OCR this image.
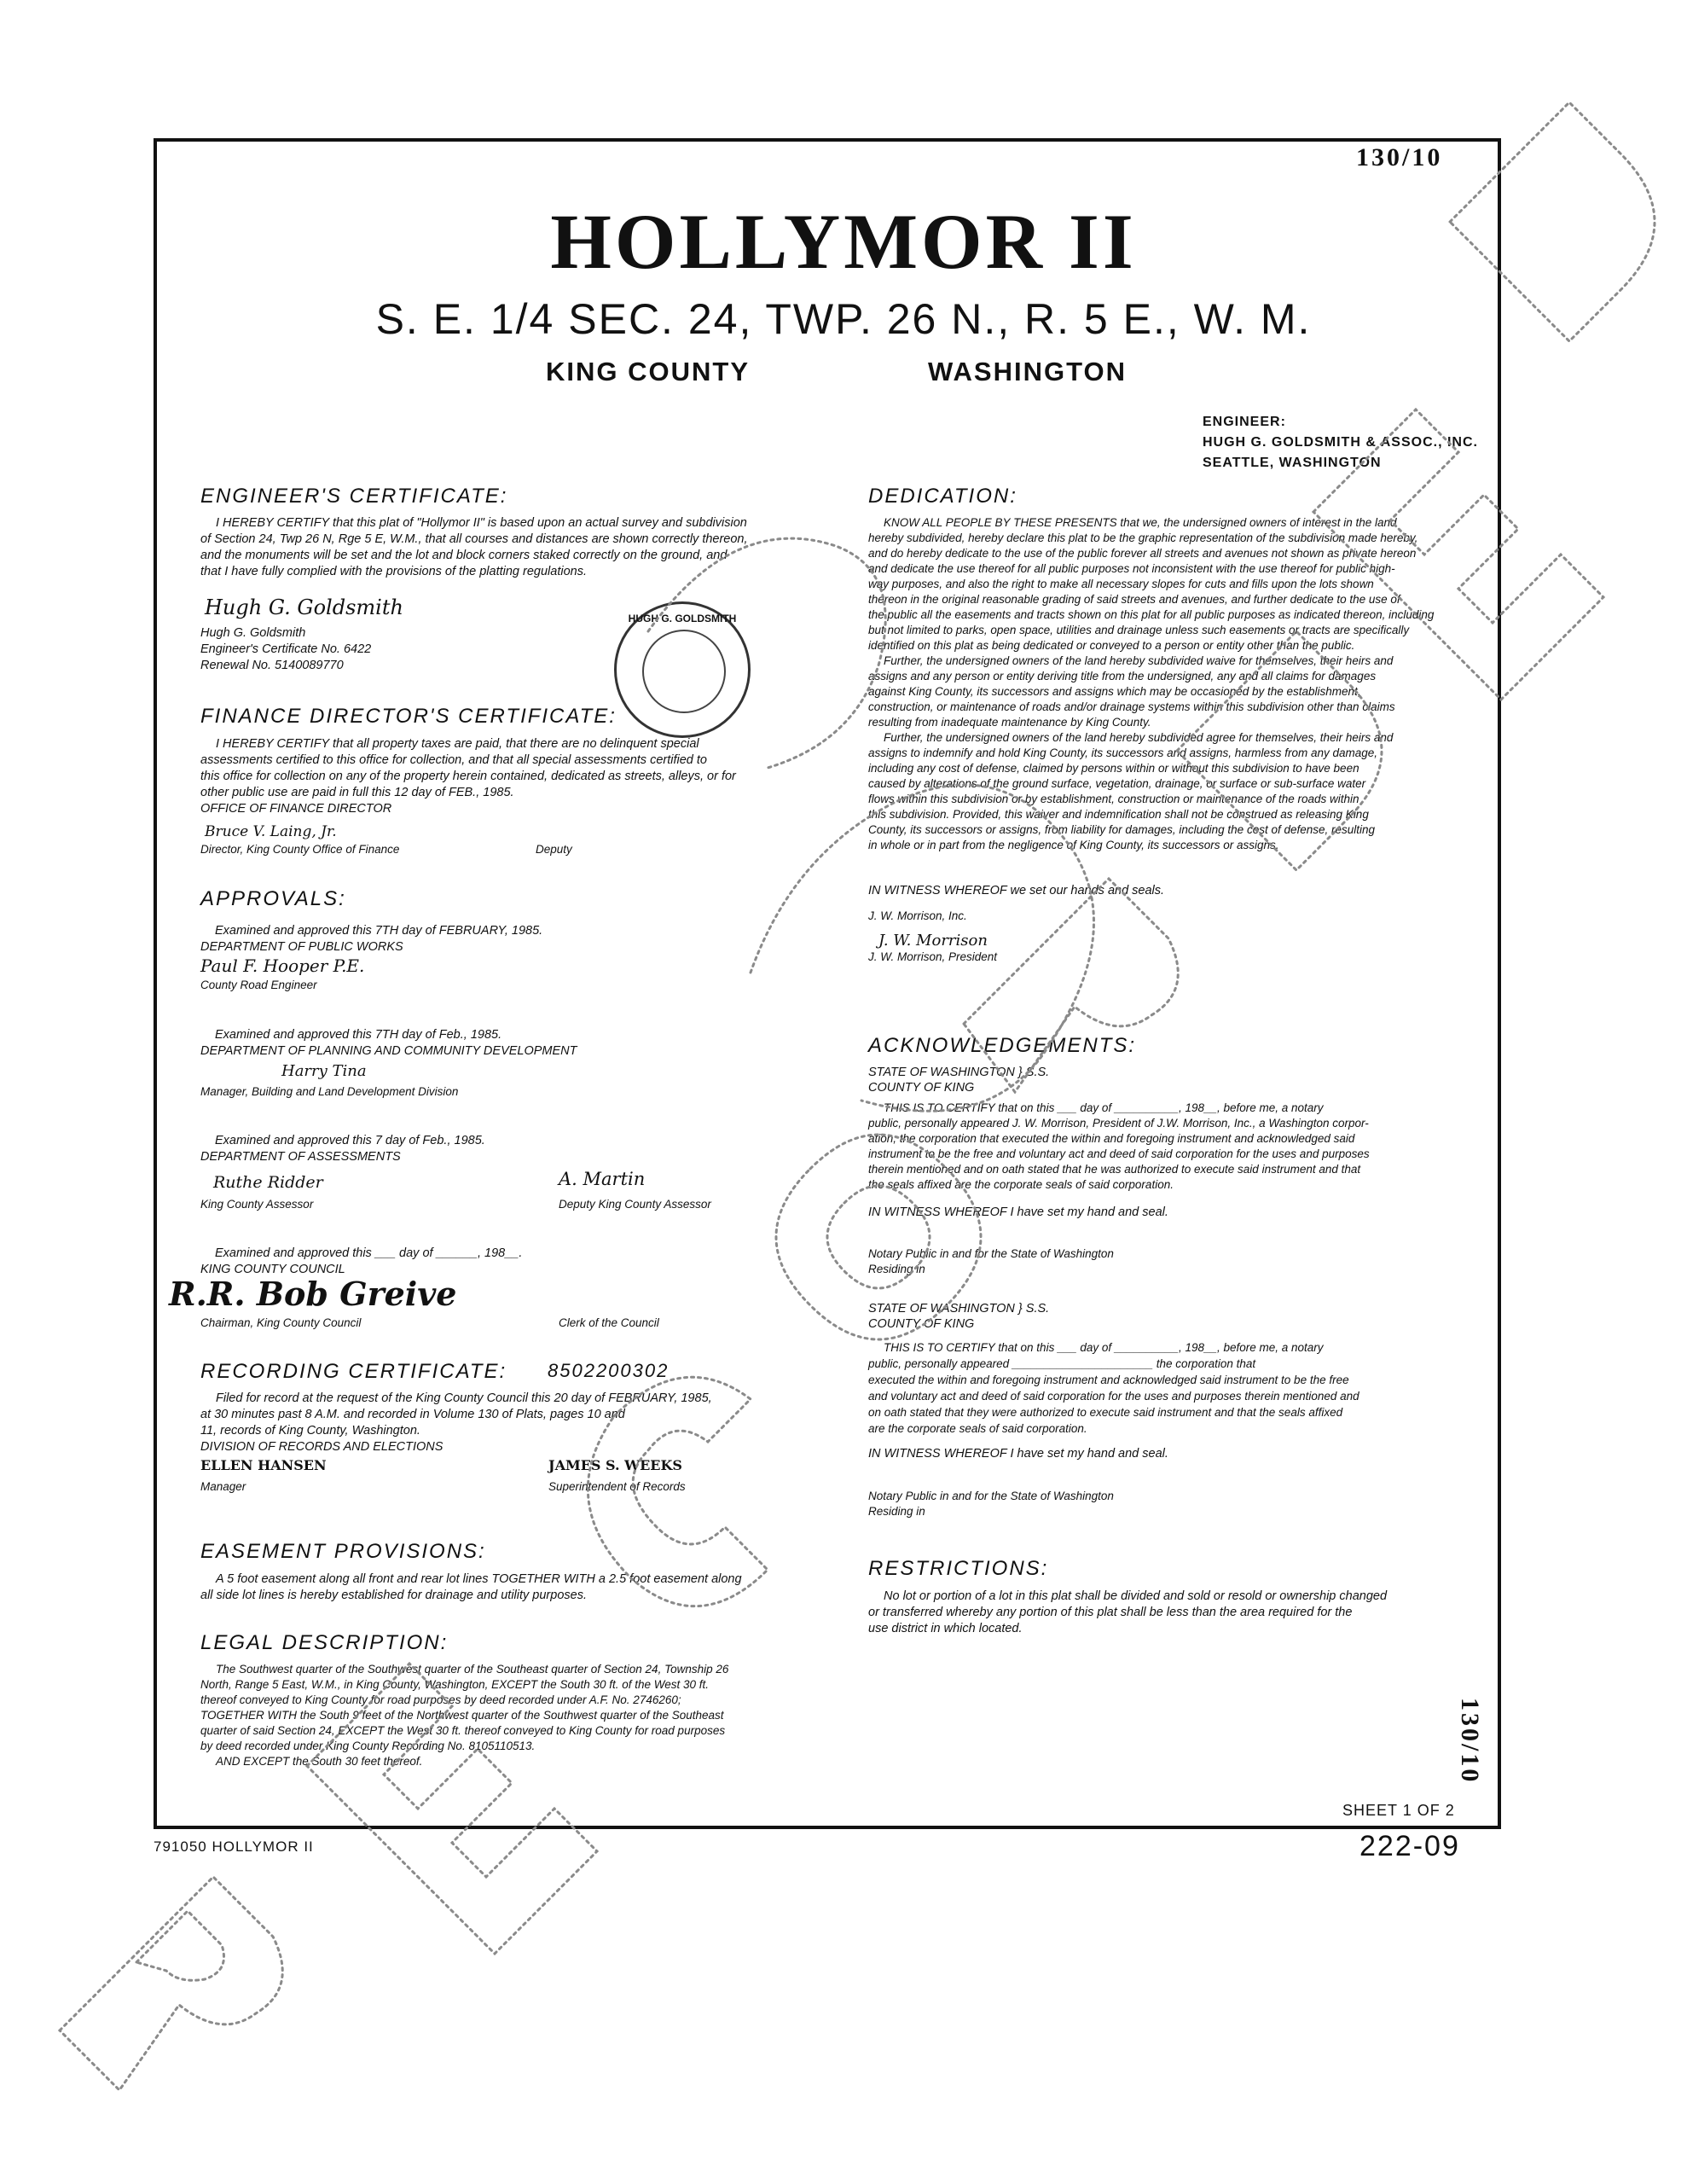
130/10
HOLLYMOR II
S. E. 1/4 SEC. 24, TWP. 26 N., R. 5 E., W. M.
KING COUNTY	WASHINGTON
ENGINEER:
HUGH G. GOLDSMITH & ASSOC., INC.
SEATTLE, WASHINGTON
ENGINEER'S CERTIFICATE:
I HEREBY CERTIFY that this plat of "Hollymor II" is based upon an actual survey and subdivision
of Section 24, Twp 26 N, Rge 5 E, W.M., that all courses and distances are shown correctly thereon,
and the monuments will be set and the lot and block corners staked correctly on the ground, and
that I have fully complied with the provisions of the platting regulations.
Hugh G. Goldsmith
Hugh G. Goldsmith
Engineer's Certificate No. 6422
Renewal No. 5140089770
HUGH G. GOLDSMITH
FINANCE DIRECTOR'S CERTIFICATE:
I HEREBY CERTIFY that all property taxes are paid, that there are no delinquent special
assessments certified to this office for collection, and that all special assessments certified to
this office for collection on any of the property herein contained, dedicated as streets, alleys, or for
other public use are paid in full this 12 day of FEB., 1985.
OFFICE OF FINANCE DIRECTOR
Bruce V. Laing, Jr.
Director, King County Office of Finance	Deputy
APPROVALS:
Examined and approved this 7TH day of FEBRUARY, 1985.
DEPARTMENT OF PUBLIC WORKS
Paul F. Hooper P.E.
County Road Engineer
Examined and approved this 7TH day of Feb., 1985.
DEPARTMENT OF PLANNING AND COMMUNITY DEVELOPMENT
Harry Tina
Manager, Building and Land Development Division
Examined and approved this 7 day of Feb., 1985.
DEPARTMENT OF ASSESSMENTS
Ruthe Ridder	A. Martin
King County Assessor	Deputy King County Assessor
Examined and approved this ___ day of ______, 198__.
KING COUNTY COUNCIL
R.R. Bob Greive
Chairman, King County Council	Clerk of the Council
RECORDING CERTIFICATE: 8502200302
Filed for record at the request of the King County Council this 20 day of FEBRUARY, 1985,
at 30 minutes past 8 A.M. and recorded in Volume 130 of Plats, pages 10 and
11, records of King County, Washington.
DIVISION OF RECORDS AND ELECTIONS
ELLEN HANSEN
Manager
JAMES S. WEEKS
Superintendent of Records
EASEMENT PROVISIONS:
A 5 foot easement along all front and rear lot lines TOGETHER WITH a 2.5 foot easement along
all side lot lines is hereby established for drainage and utility purposes.
LEGAL DESCRIPTION:
The Southwest quarter of the Southwest quarter of the Southeast quarter of Section 24, Township 26
North, Range 5 East, W.M., in King County, Washington, EXCEPT the South 30 ft. of the West 30 ft.
thereof conveyed to King County for road purposes by deed recorded under A.F. No. 2746260;
TOGETHER WITH the South 9 feet of the Northwest quarter of the Southwest quarter of the Southeast
quarter of said Section 24, EXCEPT the West 30 ft. thereof conveyed to King County for road purposes
by deed recorded under King County Recording No. 8105110513.
AND EXCEPT the South 30 feet thereof.
DEDICATION:
KNOW ALL PEOPLE BY THESE PRESENTS that we, the undersigned owners of interest in the land
hereby subdivided, hereby declare this plat to be the graphic representation of the subdivision made hereby,
and do hereby dedicate to the use of the public forever all streets and avenues not shown as private hereon
and dedicate the use thereof for all public purposes not inconsistent with the use thereof for public high-
way purposes, and also the right to make all necessary slopes for cuts and fills upon the lots shown
thereon in the original reasonable grading of said streets and avenues, and further dedicate to the use of
the public all the easements and tracts shown on this plat for all public purposes as indicated thereon, including
but not limited to parks, open space, utilities and drainage unless such easements or tracts are specifically
identified on this plat as being dedicated or conveyed to a person or entity other than the public.
Further, the undersigned owners of the land hereby subdivided waive for themselves, their heirs and
assigns and any person or entity deriving title from the undersigned, any and all claims for damages
against King County, its successors and assigns which may be occasioned by the establishment,
construction, or maintenance of roads and/or drainage systems within this subdivision other than claims
resulting from inadequate maintenance by King County.
Further, the undersigned owners of the land hereby subdivided agree for themselves, their heirs and
assigns to indemnify and hold King County, its successors and assigns, harmless from any damage,
including any cost of defense, claimed by persons within or without this subdivision to have been
caused by alterations of the ground surface, vegetation, drainage, or surface or sub-surface water
flows within this subdivision or by establishment, construction or maintenance of the roads within
this subdivision. Provided, this waiver and indemnification shall not be construed as releasing King
County, its successors or assigns, from liability for damages, including the cost of defense, resulting
in whole or in part from the negligence of King County, its successors or assigns.
IN WITNESS WHEREOF we set our hands and seals.
J. W. Morrison, Inc.
J. W. Morrison
J. W. Morrison, President
ACKNOWLEDGEMENTS:
STATE OF WASHINGTON } S.S.
COUNTY OF KING
THIS IS TO CERTIFY that on this ___ day of __________, 198__, before me, a notary
public, personally appeared J. W. Morrison, President of J.W. Morrison, Inc., a Washington corpor-
ation, the corporation that executed the within and foregoing instrument and acknowledged said
instrument to be the free and voluntary act and deed of said corporation for the uses and purposes
therein mentioned and on oath stated that he was authorized to execute said instrument and that
the seals affixed are the corporate seals of said corporation.
IN WITNESS WHEREOF I have set my hand and seal.
Notary Public in and for the State of Washington
Residing in
STATE OF WASHINGTON } S.S.
COUNTY OF KING
THIS IS TO CERTIFY that on this ___ day of __________, 198__, before me, a notary
public, personally appeared ______________________ the corporation that
executed the within and foregoing instrument and acknowledged said instrument to be the free
and voluntary act and deed of said corporation for the uses and purposes therein mentioned and
on oath stated that they were authorized to execute said instrument and that the seals affixed
are the corporate seals of said corporation.
IN WITNESS WHEREOF I have set my hand and seal.
Notary Public in and for the State of Washington
Residing in
RESTRICTIONS:
No lot or portion of a lot in this plat shall be divided and sold or resold or ownership changed
or transferred whereby any portion of this plat shall be less than the area required for the
use district in which located.
130/10
SHEET 1 OF 2
791050 HOLLYMOR II	222-09
